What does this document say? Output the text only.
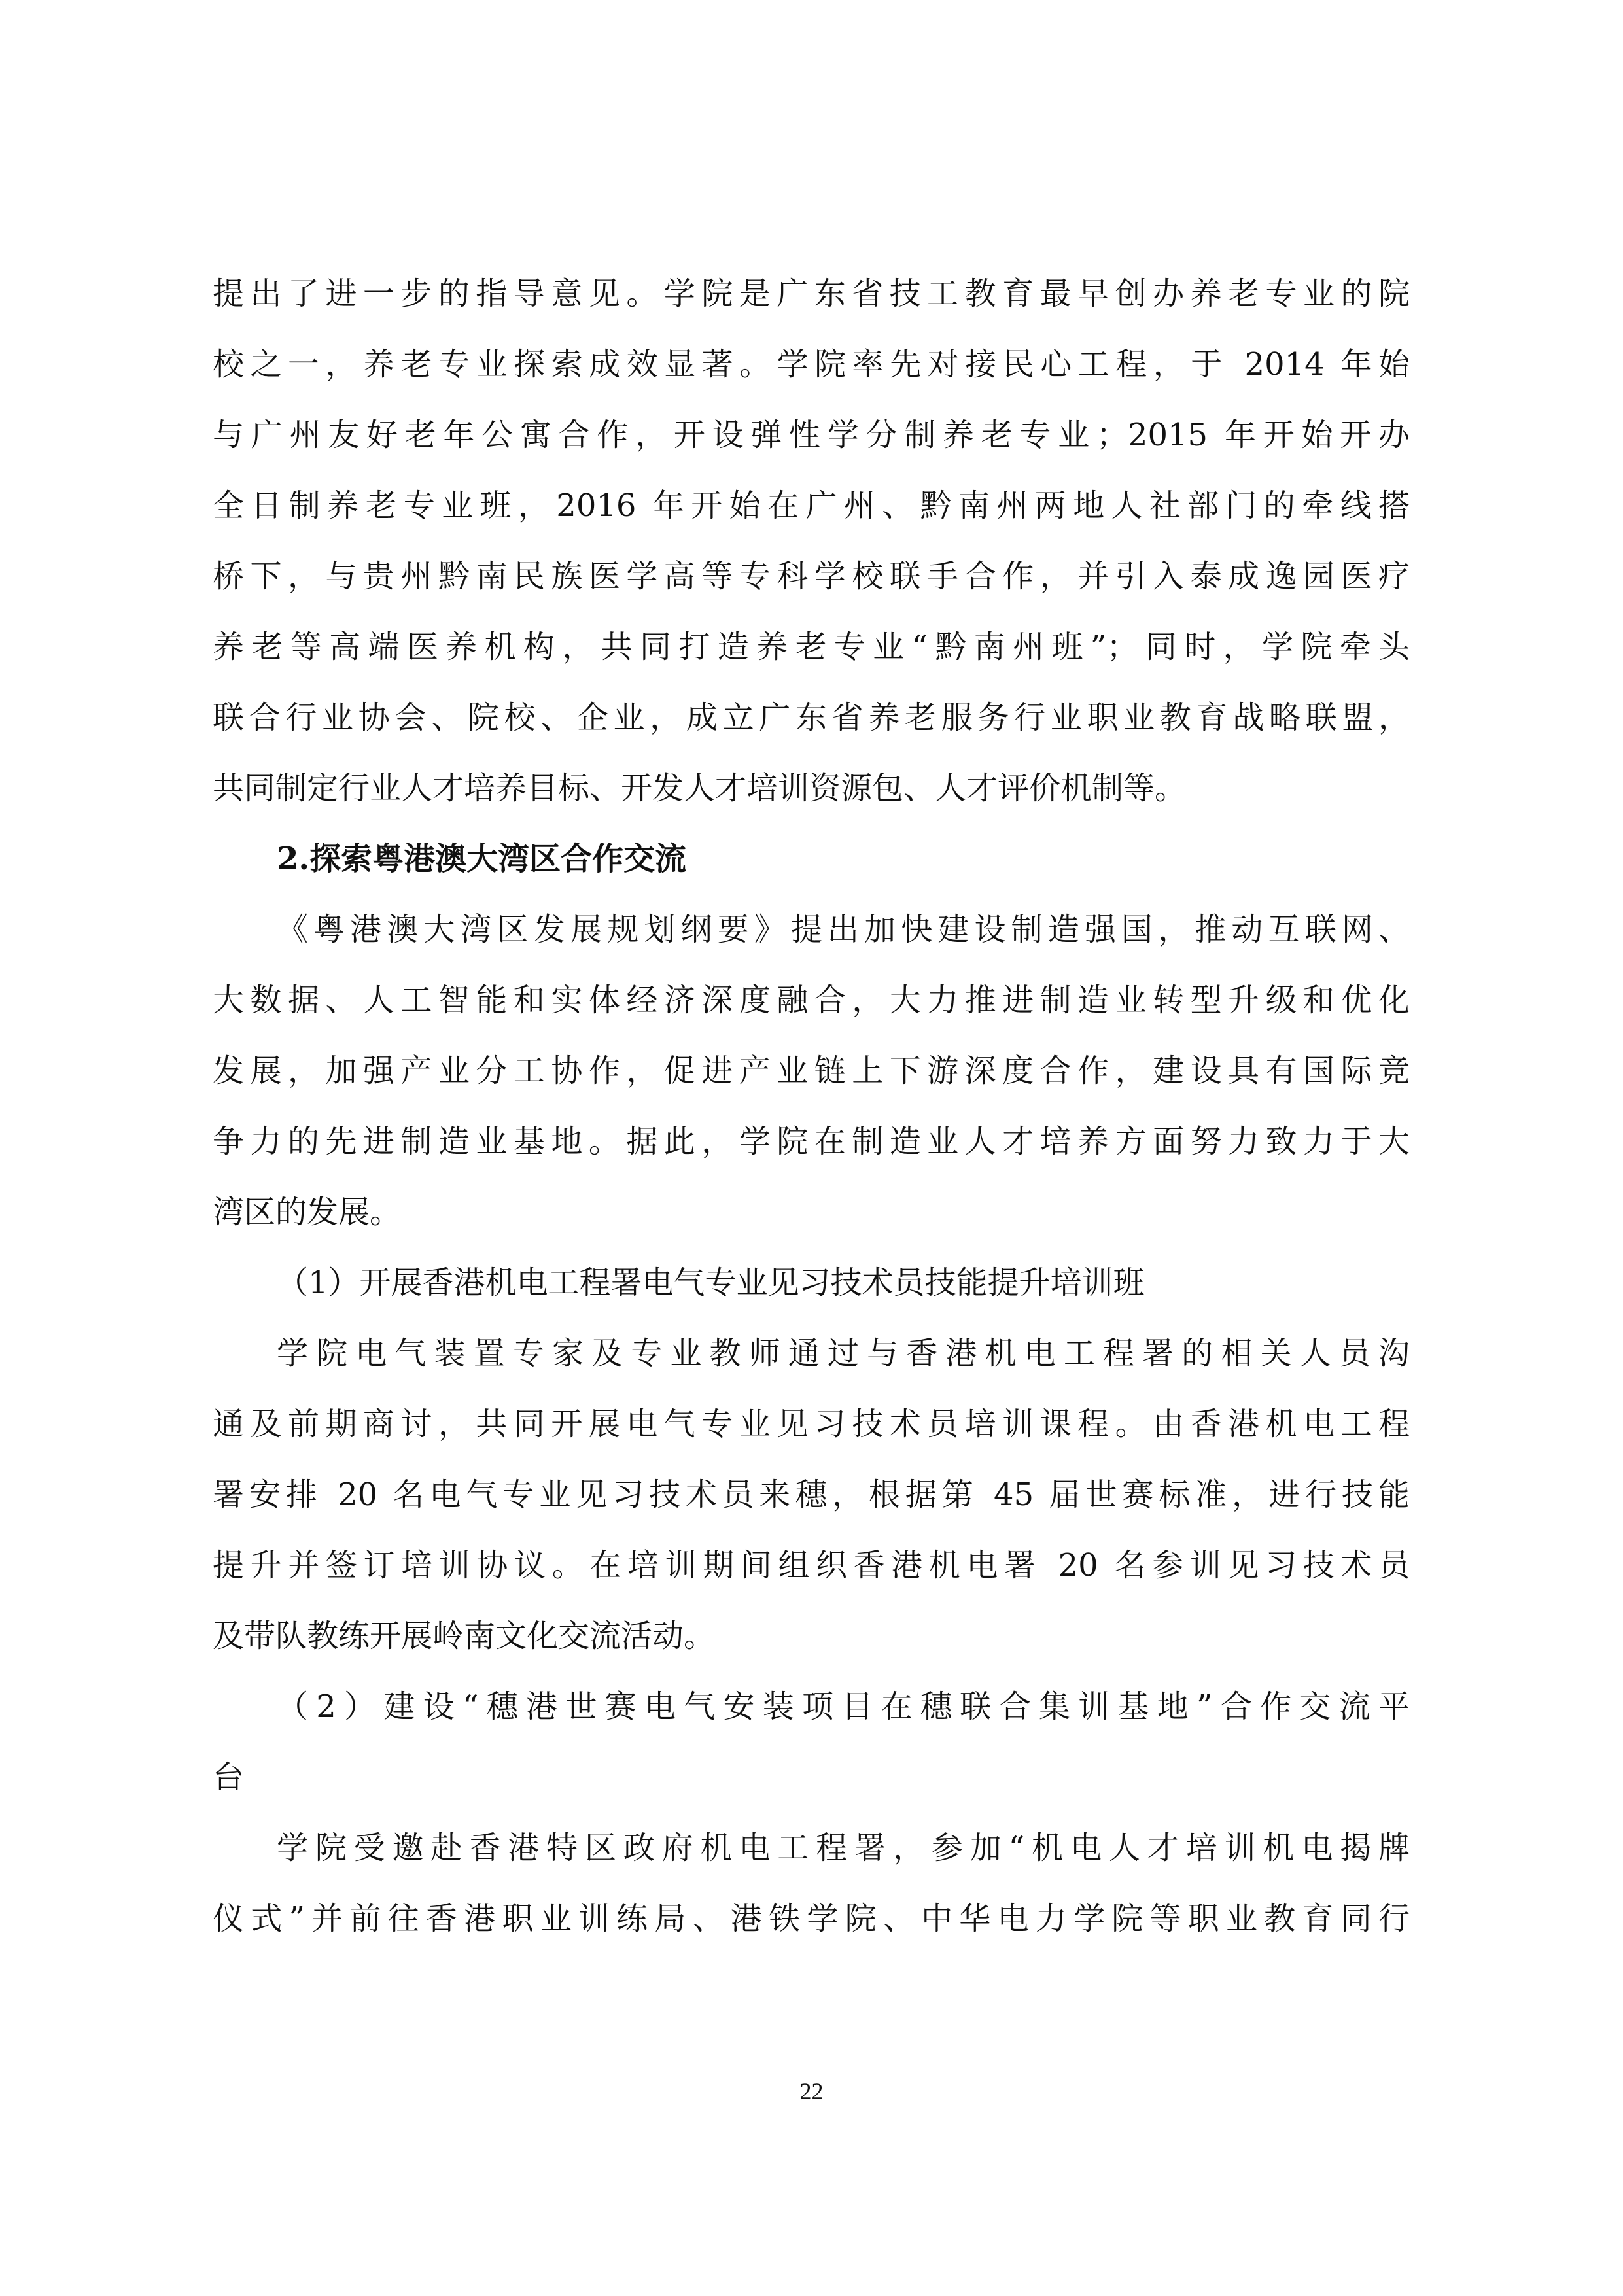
提出了进一步的指导意见。学院是广东省技工教育最早创办养老专业的院
校之一，养老专业探索成效显著。学院率先对接民心工程，于 2014 年始
与广州友好老年公寓合作，开设弹性学分制养老专业；2015 年开始开办
全日制养老专业班，2016 年开始在广州、黔南州两地人社部门的牵线搭
桥下，与贵州黔南民族医学高等专科学校联手合作，并引入泰成逸园医疗
养老等高端医养机构，共同打造养老专业“黔南州班”；同时，学院牵头
联合行业协会、院校、企业，成立广东省养老服务行业职业教育战略联盟，
共同制定行业人才培养目标、开发人才培训资源包、人才评价机制等。
2.探索粤港澳大湾区合作交流
《粤港澳大湾区发展规划纲要》提出加快建设制造强国，推动互联网、
大数据、人工智能和实体经济深度融合，大力推进制造业转型升级和优化
发展，加强产业分工协作，促进产业链上下游深度合作，建设具有国际竞
争力的先进制造业基地。据此，学院在制造业人才培养方面努力致力于大
湾区的发展。
（1）开展香港机电工程署电气专业见习技术员技能提升培训班
学院电气装置专家及专业教师通过与香港机电工程署的相关人员沟
通及前期商讨，共同开展电气专业见习技术员培训课程。由香港机电工程
署安排 20 名电气专业见习技术员来穗，根据第 45 届世赛标准，进行技能
提升并签订培训协议。在培训期间组织香港机电署 20 名参训见习技术员
及带队教练开展岭南文化交流活动。
（2）建设“穗港世赛电气安装项目在穗联合集训基地”合作交流平
台
学院受邀赴香港特区政府机电工程署，参加“机电人才培训机电揭牌
仪式”并前往香港职业训练局、港铁学院、中华电力学院等职业教育同行
22
